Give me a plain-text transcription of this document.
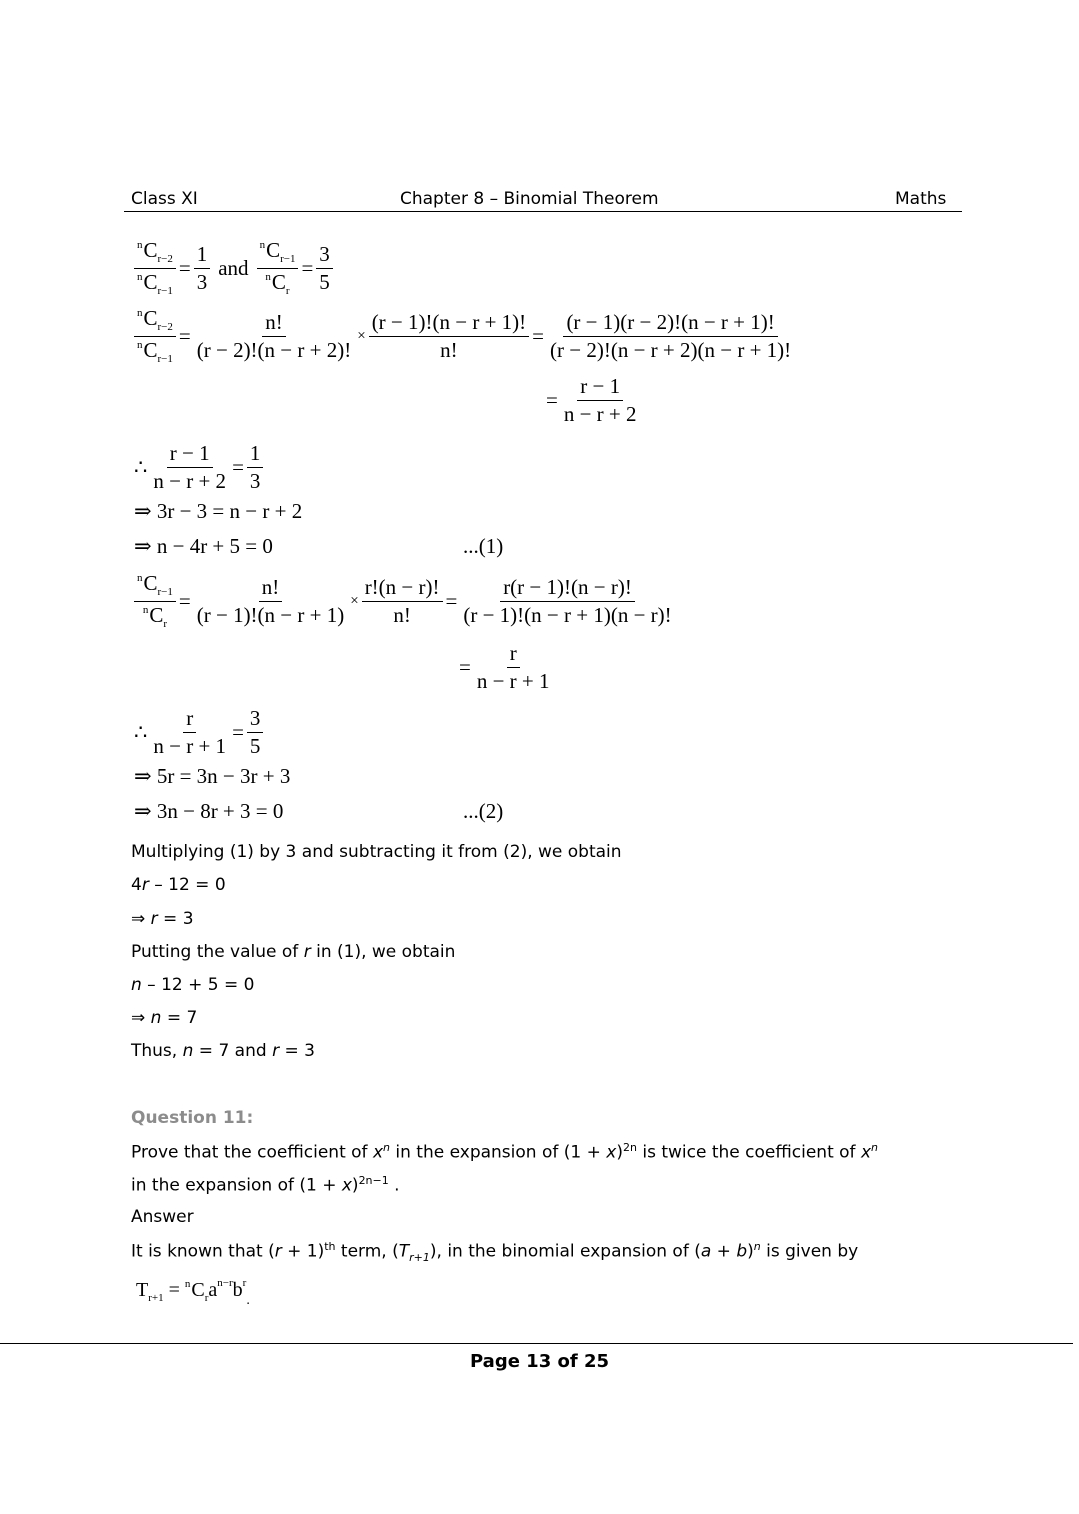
Class XI	Chapter 8 – Binomial Theorem	Maths
$\frac{^nC_{r-2}}{^nC_{r-1}} = \frac{1}{3}$ and $\frac{^nC_{r-1}}{^nC_r} = \frac{3}{5}$
$\frac{^nC_{r-2}}{^nC_{r-1}} = \frac{n!}{(r - 2)!(n - r + 2)!} \times \frac{(r - 1)!(n - r + 1)!}{n!} = \frac{(r - 1)(r - 2)!(n - r + 1)!}{(r - 2)!(n - r + 2)(n - r + 1)!}$
= $\frac{r - 1}{n - r + 2}$
∴ $\frac{r - 1}{n - r + 2} = \frac{1}{3}$
⇒ 3r − 3 = n − r + 2
⇒ n − 4r + 5 = 0	...(1)
$\frac{^nC_{r-1}}{^nC_r} = \frac{n!}{(r - 1)!(n - r + 1)} \times \frac{r!(n - r)!}{n!} = \frac{r(r - 1)!(n - r)!}{(r - 1)!(n - r + 1)(n - r)!}$
= $\frac{r}{n - r + 1}$
∴ $\frac{r}{n - r + 1} = \frac{3}{5}$
⇒ 5r = 3n − 3r + 3
⇒ 3n − 8r + 3 = 0	...(2)
Multiplying (1) by 3 and subtracting it from (2), we obtain
4r – 12 = 0
⇒ r = 3
Putting the value of r in (1), we obtain
n – 12 + 5 = 0
⇒ n = 7
Thus, n = 7 and r = 3
Question 11:
Prove that the coefficient of $x^n$ in the expansion of $(1 + x)^{2n}$ is twice the coefficient of $x^n$
in the expansion of $(1 + x)^{2n-1}$ .
Answer
It is known that $(r + 1)^{th}$ term, $(T_{r+1})$, in the binomial expansion of $(a + b)^n$ is given by
$T_{r+1} = ^nC_ra^{n-r}b^r_.$
Page 13 of 25
